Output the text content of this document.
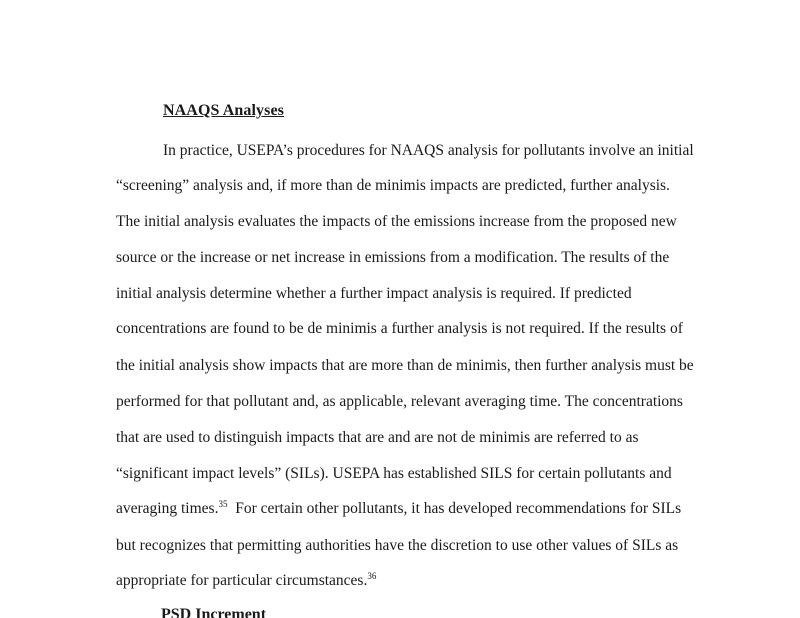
NAAQS Analyses
In practice, USEPA’s procedures for NAAQS analysis for pollutants involve an initial
“screening” analysis and, if more than de minimis impacts are predicted, further analysis.
The initial analysis evaluates the impacts of the emissions increase from the proposed new
source or the increase or net increase in emissions from a modification. The results of the
initial analysis determine whether a further impact analysis is required. If predicted
concentrations are found to be de minimis a further analysis is not required. If the results of
the initial analysis show impacts that are more than de minimis, then further analysis must be
performed for that pollutant and, as applicable, relevant averaging time. The concentrations
that are used to distinguish impacts that are and are not de minimis are referred to as
“significant impact levels” (SILs). USEPA has established SILS for certain pollutants and
averaging times.$^{35}$ For certain other pollutants, it has developed recommendations for SILs
but recognizes that permitting authorities have the discretion to use other values of SILs as
appropriate for particular circumstances.$^{36}$
PSD Increment
